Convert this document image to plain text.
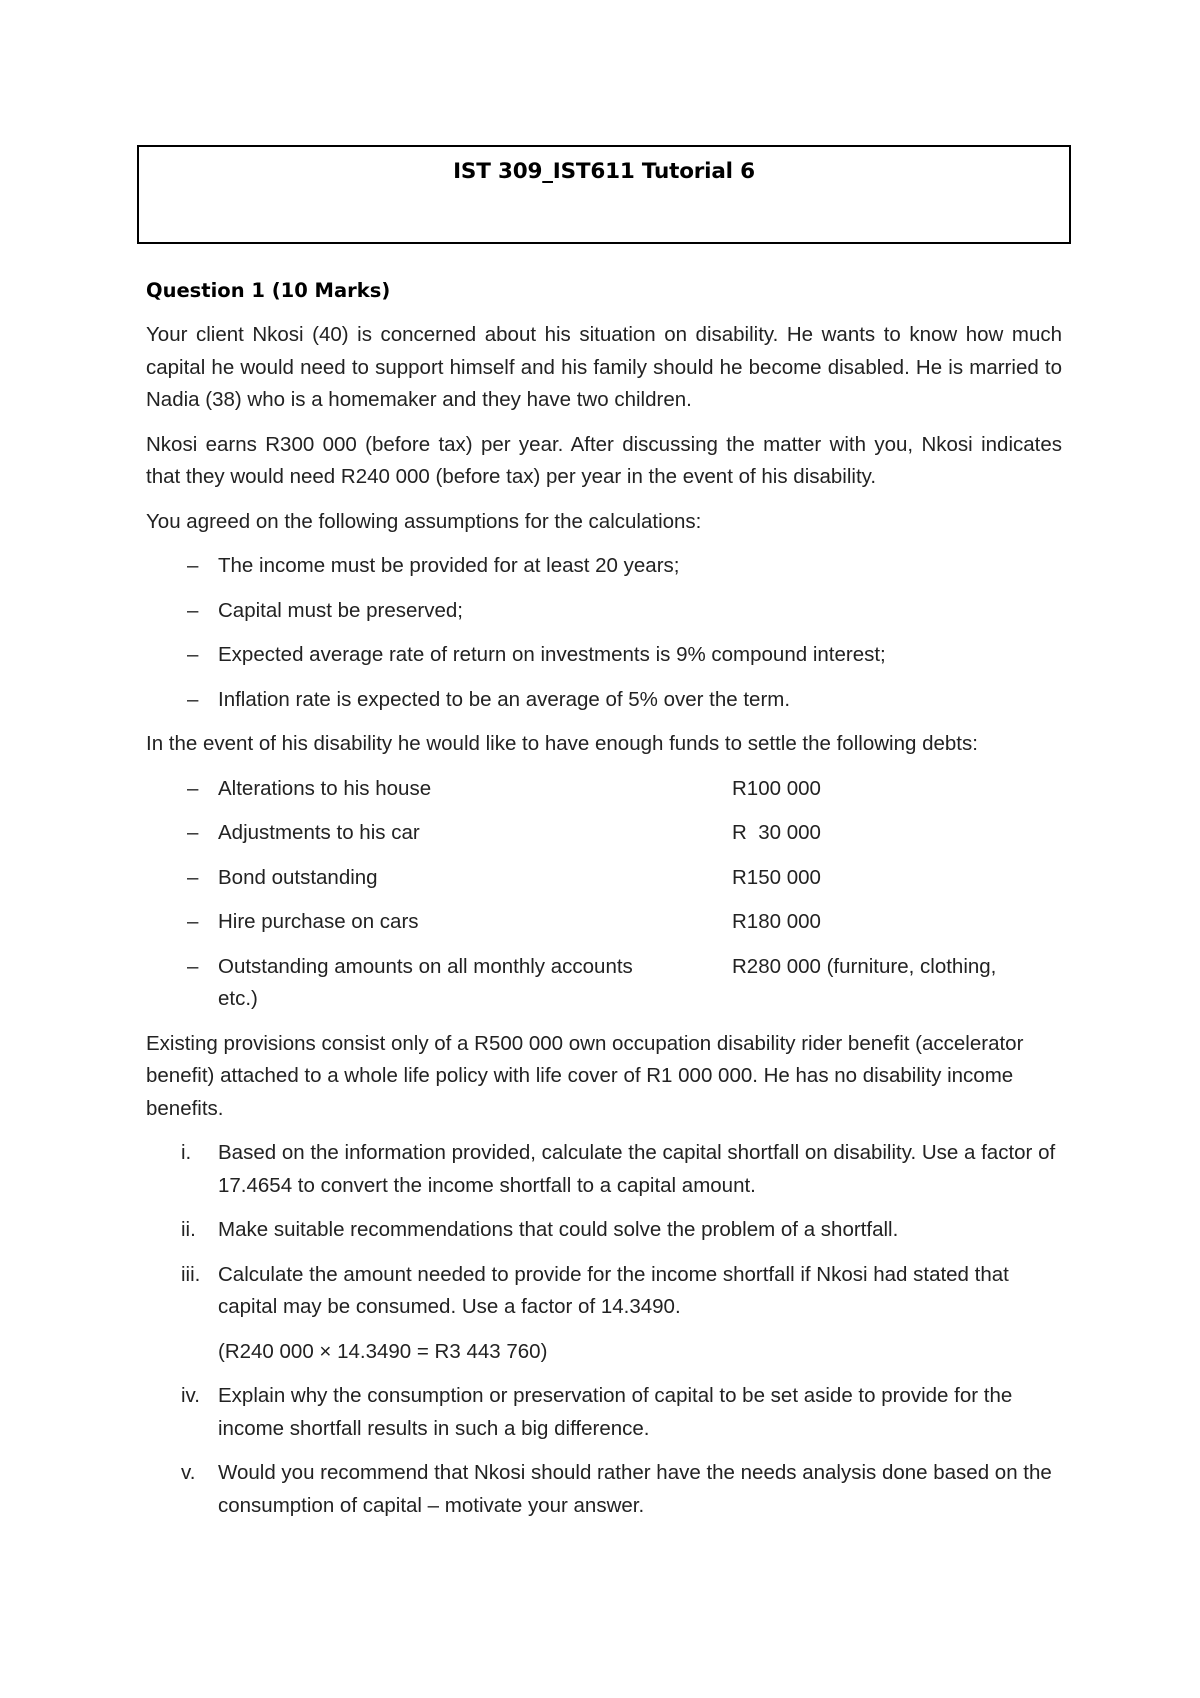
IST 309_IST611 Tutorial 6
Question 1 (10 Marks)

Your client Nkosi (40) is concerned about his situation on disability. He wants to know how much capital he would need to support himself and his family should he become disabled. He is married to Nadia (38) who is a homemaker and they have two children.

Nkosi earns R300 000 (before tax) per year. After discussing the matter with you, Nkosi indicates that they would need R240 000 (before tax) per year in the event of his disability.

You agreed on the following assumptions for the calculations:

– The income must be provided for at least 20 years;
– Capital must be preserved;
– Expected average rate of return on investments is 9% compound interest;
– Inflation rate is expected to be an average of 5% over the term.

In the event of his disability he would like to have enough funds to settle the following debts:

– Alterations to his house	R100 000
– Adjustments to his car	R  30 000
– Bond outstanding	R150 000
– Hire purchase on cars	R180 000
– Outstanding amounts on all monthly accounts	R280 000 (furniture, clothing,
etc.)

Existing provisions consist only of a R500 000 own occupation disability rider benefit (accelerator benefit) attached to a whole life policy with life cover of R1 000 000. He has no disability income benefits.

i. Based on the information provided, calculate the capital shortfall on disability. Use a factor of 17.4654 to convert the income shortfall to a capital amount.
ii. Make suitable recommendations that could solve the problem of a shortfall.
iii. Calculate the amount needed to provide for the income shortfall if Nkosi had stated that capital may be consumed. Use a factor of 14.3490.

(R240 000 × 14.3490 = R3 443 760)

iv. Explain why the consumption or preservation of capital to be set aside to provide for the income shortfall results in such a big difference.
v. Would you recommend that Nkosi should rather have the needs analysis done based on the consumption of capital – motivate your answer.
